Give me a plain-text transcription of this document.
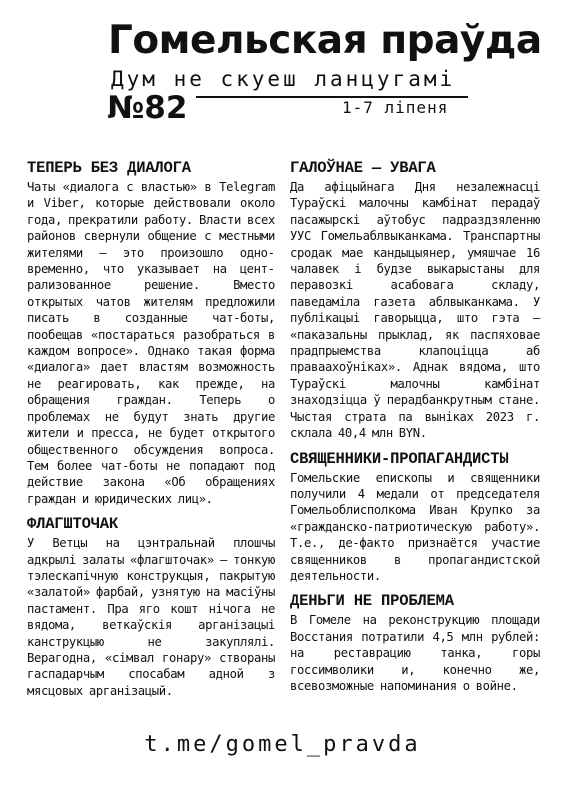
Гомельская праўда
Дум не скуеш ланцугамі
№82	1-7 ліпеня
ТЕПЕРЬ БЕЗ ДИАЛОГА

Чаты «диалога с властью» в Telegram и Viber, которые действовали около года, прекратили работу. Власти всех районов свернули общение с местными жителями — это произошло одновременно, что указывает на централизованное решение. Вместо открытых чатов жителям предложили писать в созданные чат-боты, пообещав «постараться разобраться в каждом вопросе». Однако такая форма «диалога» дает властям возможность не реагировать, как прежде, на обращения граждан. Теперь о проблемах не будут знать другие жители и пресса, не будет открытого общественного обсуждения вопроса. Тем более чат-боты не попадают под действие закона «Об обращениях граждан и юридических лиц».

ФЛАГШТОЧАК

У Ветцы на цэнтральнай плошчы адкрылі залаты «флагшточак» — тонкую тэлескапічную конструкцыя, пакрытую «залатой» фарбай, узнятую на масіўны пастамент. Пра яго кошт нічога не вядома, веткаўскія арганізацыі канструкцыю не закуплялі. Верагодна, «сімвал гонару» створаны гаспадарчым спосабам адной з мясцовых арганізацый.

ГАЛОЎНАЕ — УВАГА

Да афіцыйнага Дня незалежнасці Тураўскі малочны камбінат перадаў пасажырскі аўтобус падраздзяленню УУС Гомельаблвыканкама. Транспартны сродак мае кандыцыянер, умяшчае 16 чалавек і будзе выкарыстаны для перавозкі асабовага складу, паведаміла газета аблвыканкама. У публікацыі гаворыцца, што гэта — «паказальны прыклад, як паспяховае прадпрыемства клапоціцца аб праваахоўніках». Аднак вядома, што Тураўскі малочны камбінат знаходзіцца ў перадбанкрутным стане. Чыстая страта па выніках 2023 г. склала 40,4 млн BYN.

СВЯЩЕННИКИ-ПРОПАГАНДИСТЫ

Гомельские епископы и священники получили 4 медали от председателя Гомельоблисполкома Иван Крупко за «гражданско-патриотическую работу». Т.е., де-факто признаётся участие священников в пропагандистской деятельности.

ДЕНЬГИ НЕ ПРОБЛЕМА

В Гомеле на реконструкцию площади Восстания потратили 4,5 млн рублей: на реставрацию танка, горы госсимволики и, конечно же, всевозможные напоминания о войне.

t.me/gomel_pravda
